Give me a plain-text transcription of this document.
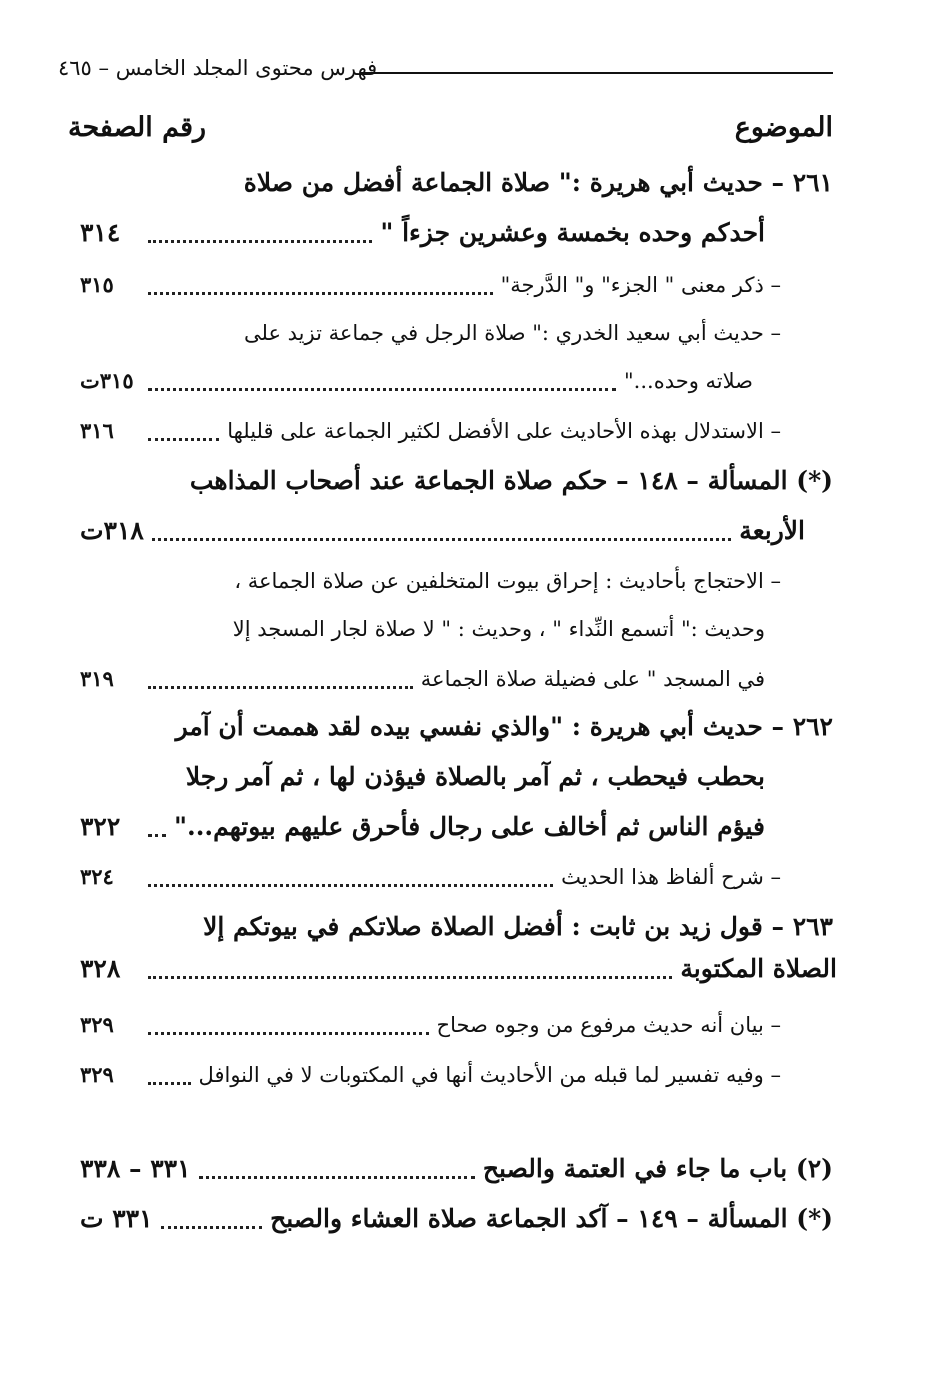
فهرس محتوى المجلد الخامس – ٤٦٥
الموضوع
رقم الصفحة
٢٦١ – حديث أبي هريرة :" صلاة الجماعة أفضل من صلاة
أحدكم وحده بخمسة وعشرين جزءاً "
٣١٤
– ذكر معنى " الجزء" و" الدَّرجة"
٣١٥
– حديث أبي سعيد الخدري :" صلاة الرجل في جماعة تزيد على
صلاته وحده..."
٣١٥ت
– الاستدلال بهذه الأحاديث على الأفضل لكثير الجماعة على قليلها
٣١٦
(*) المسألة – ١٤٨ – حكم صلاة الجماعة عند أصحاب المذاهب
الأربعة
٣١٨ت
– الاحتجاج بأحاديث : إحراق بيوت المتخلفين عن صلاة الجماعة ،
وحديث :" أتسمع النِّداء " ، وحديث : " لا صلاة لجار المسجد إلا
في المسجد " على فضيلة صلاة الجماعة
٣١٩
٢٦٢ – حديث أبي هريرة : "والذي نفسي بيده لقد هممت أن آمر
بحطب فيحطب ، ثم آمر بالصلاة فيؤذن لها ، ثم آمر رجلا
فيؤم الناس ثم أخالف على رجال فأحرق عليهم بيوتهم..."
٣٢٢
– شرح ألفاظ هذا الحديث
٣٢٤
٢٦٣ – قول زيد بن ثابت : أفضل الصلاة صلاتكم في بيوتكم إلا
الصلاة المكتوبة
٣٢٨
– بيان أنه حديث مرفوع من وجوه صحاح
٣٢٩
– وفيه تفسير لما قبله من الأحاديث أنها في المكتوبات لا في النوافل
٣٢٩
(٢) باب ما جاء في العتمة والصبح
٣٣١ – ٣٣٨
(*) المسألة – ١٤٩ – آكد الجماعة صلاة العشاء والصبح
٣٣١ ت
